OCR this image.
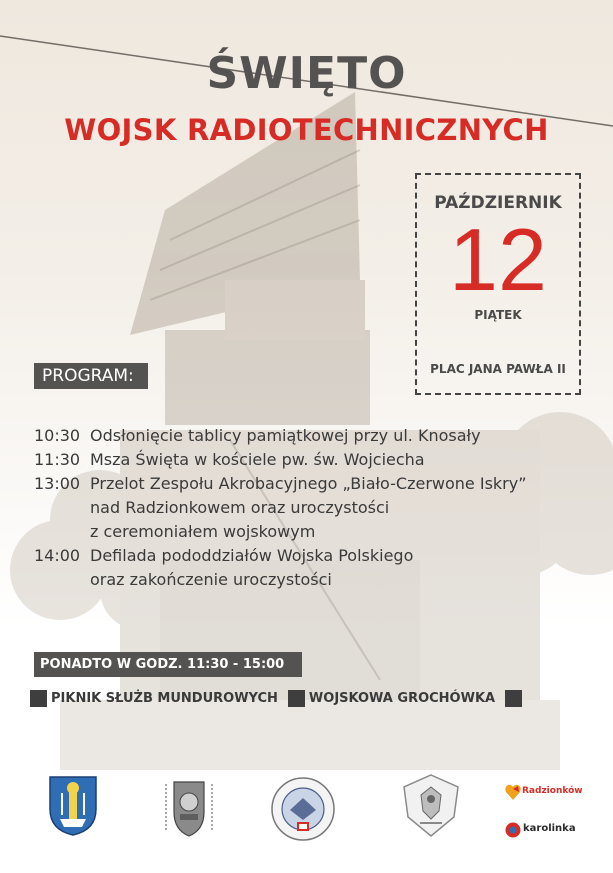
ŚWIĘTO
WOJSK RADIOTECHNICZNYCH
PAŹDZIERNIK
12
PIĄTEK
PLAC JANA PAWŁA II
PROGRAM:
10:30 Odsłonięcie tablicy pamiątkowej przy ul. Knosały
11:30 Msza Święta w kościele pw. św. Wojciecha
13:00 Przelot Zespołu Akrobacyjnego „Biało-Czerwone Iskry”
nad Radzionkowem oraz uroczystości
z ceremoniałem wojskowym
14:00 Defilada pododdziałów Wojska Polskiego
oraz zakończenie uroczystości
PONADTO W GODZ. 11:30 - 15:00
PIKNIK SŁUŻB MUNDUROWYCH	WOJSKOWA GROCHÓWKA
Radzionków
karolinka
